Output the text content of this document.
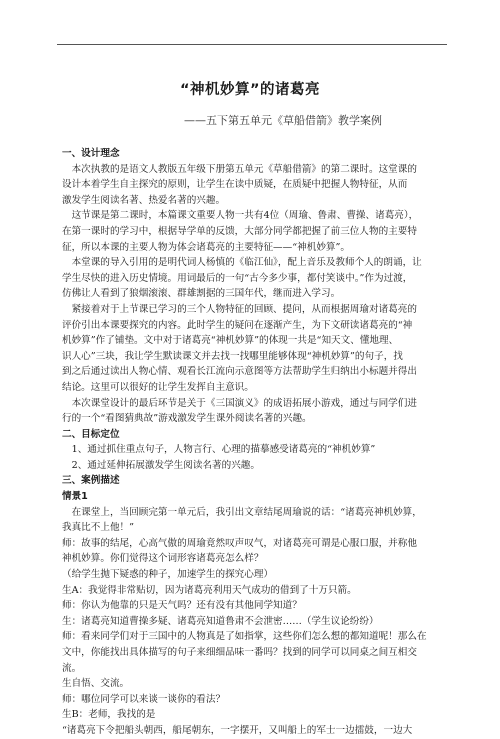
“神机妙算”的诸葛亮
——五下第五单元《草船借箭》教学案例
一、设计理念
　本次执教的是语文人教版五年级下册第五单元《草船借箭》的第二课时。这堂课的
设计本着学生自主探究的原则，让学生在读中质疑，在质疑中把握人物特征，从而
激发学生阅读名著、热爱名著的兴趣。
　这节课是第二课时，本篇课文重要人物一共有4位（周瑜、鲁肃、曹操、诸葛亮），
在第一课时的学习中，根据导学单的反馈，大部分同学都把握了前三位人物的主要特
征，所以本课的主要人物为体会诸葛亮的主要特征——“神机妙算”。
　本堂课的导入引用的是明代词人杨慎的《临江仙》，配上音乐及教师个人的朗诵，让
学生尽快的进入历史情境。用词最后的一句“古今多少事，都付笑谈中。”作为过渡，
仿佛让人看到了狼烟滚滚、群雄割据的三国年代，继而进入学习。
　紧接着对于上节课已学习的三个人物特征的回顾、提问，从而根据周瑜对诸葛亮的
评价引出本课要探究的内容。此时学生的疑问在逐渐产生，为下文研读诸葛亮的“神
机妙算”作了铺垫。文中对于诸葛亮“神机妙算”的体现一共是“知天文、懂地理、
识人心”三块，我让学生默读课文并去找一找哪里能够体现“神机妙算”的句子，找
到之后通过读出人物心情、观看长江流向示意图等方法帮助学生归纳出小标题并得出
结论。这里可以很好的让学生发挥自主意识。
　本次课堂设计的最后环节是关于《三国演义》的成语拓展小游戏，通过与同学们进
行的一个“看图猜典故”游戏激发学生课外阅读名著的兴趣。
二、目标定位
　1、通过抓住重点句子，人物言行、心理的描摹感受诸葛亮的“神机妙算”
　2、通过延伸拓展激发学生阅读名著的兴趣。
三、案例描述
情景1
　在课堂上，当回顾完第一单元后，我引出文章结尾周瑜说的话：“诸葛亮神机妙算，
我真比不上他！”
师：故事的结尾，心高气傲的周瑜竟然叹声叹气，对诸葛亮可谓是心服口服，并称他
神机妙算。你们觉得这个词形容诸葛亮怎么样？
（给学生抛下疑惑的种子，加速学生的探究心理）
生A：我觉得非常贴切，因为诸葛亮利用天气成功的借到了十万只箭。
师：你认为他靠的只是天气吗？还有没有其他同学知道？
生：诸葛亮知道曹操多疑、诸葛亮知道鲁肃不会泄密……（学生议论纷纷）
师：看来同学们对于三国中的人物真是了如指掌，这些你们怎么想的都知道呢！那么在
文中，你能找出具体描写的句子来细细品味一番吗？找到的同学可以同桌之间互相交
流。
生自悟、交流。
师：哪位同学可以来谈一谈你的看法？
生B：老师，我找的是
“诸葛亮下令把船头朝西，船尾朝东，一字摆开，又叫船上的军士一边擂鼓，一边大
